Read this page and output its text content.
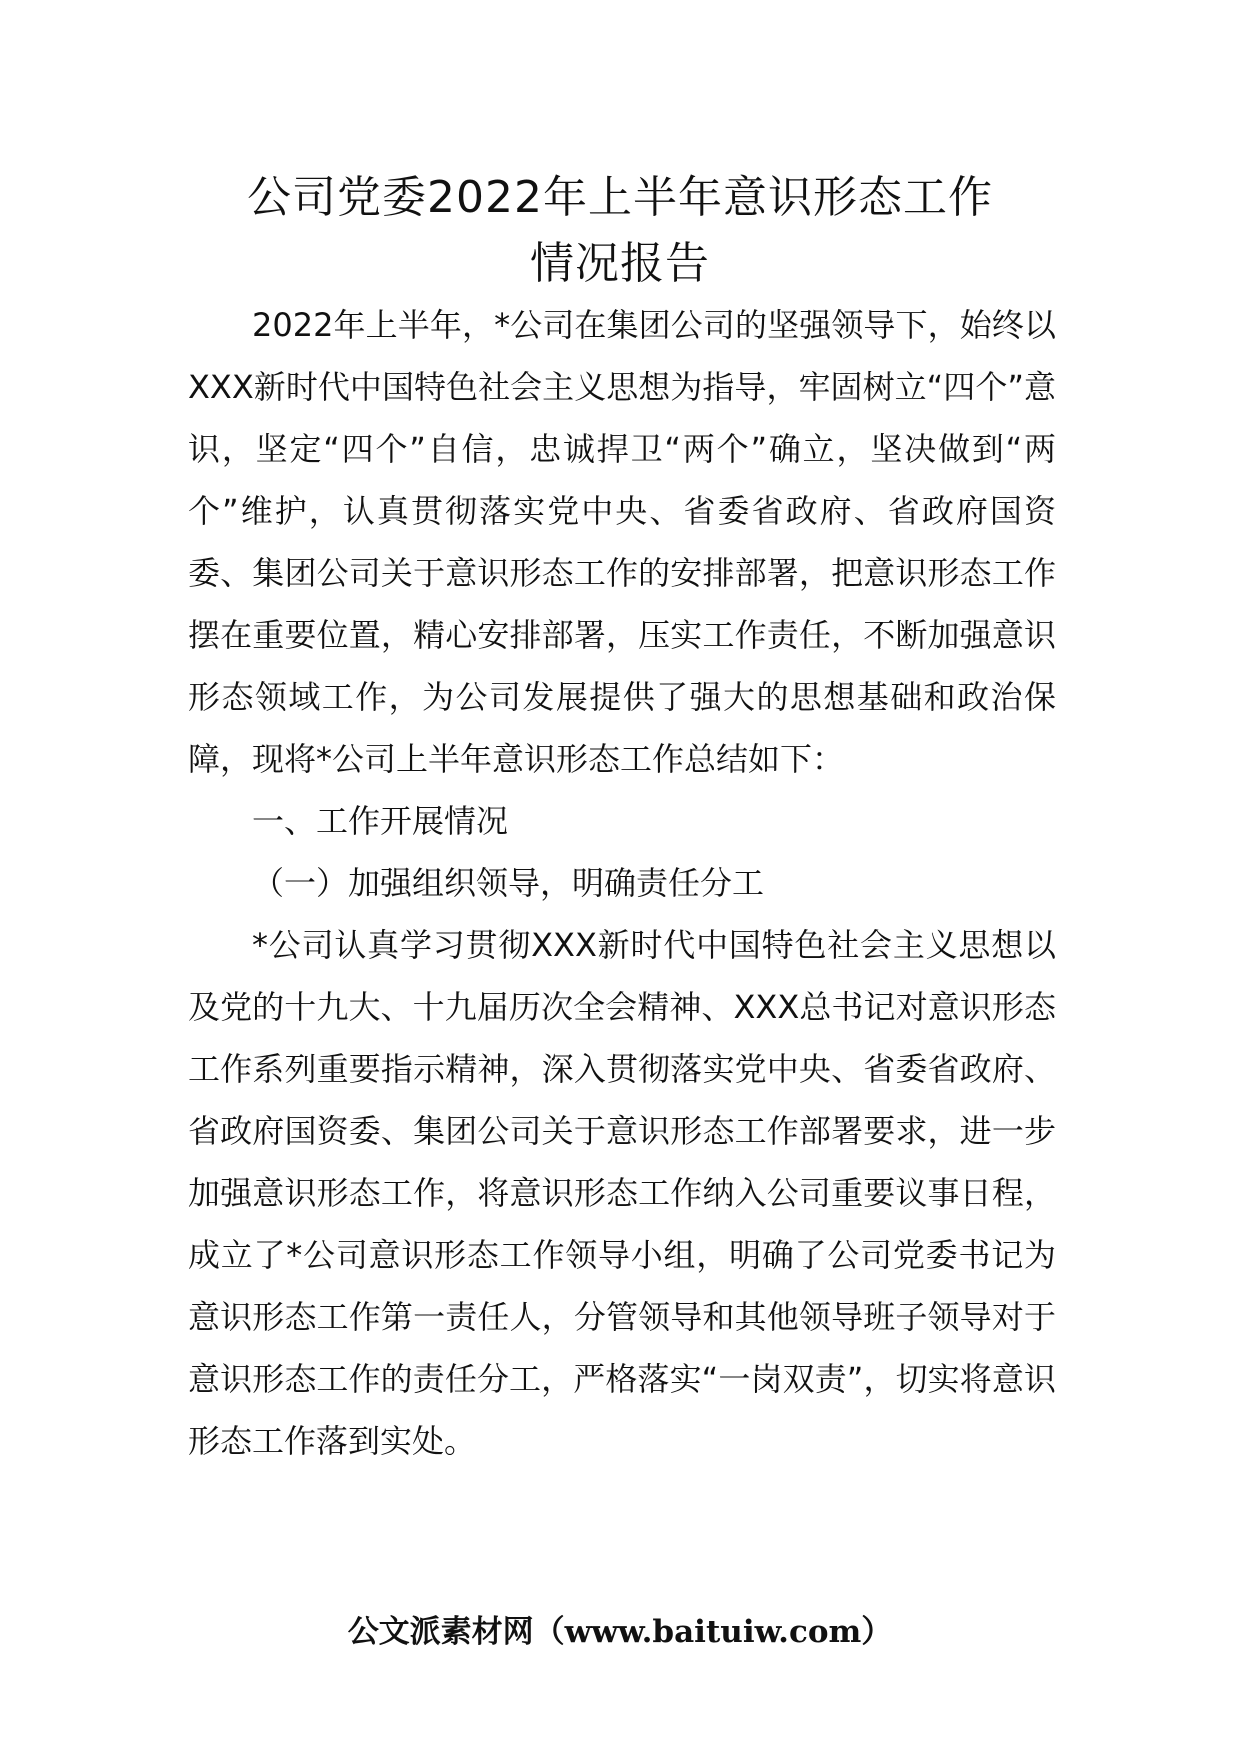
公司党委2022年上半年意识形态工作
情况报告

2022年上半年，*公司在集团公司的坚强领导下，始终以XXX新时代中国特色社会主义思想为指导，牢固树立“四个”意识，坚定“四个”自信，忠诚捍卫“两个”确立，坚决做到“两个”维护，认真贯彻落实党中央、省委省政府、省政府国资委、集团公司关于意识形态工作的安排部署，把意识形态工作摆在重要位置，精心安排部署，压实工作责任，不断加强意识形态领域工作，为公司发展提供了强大的思想基础和政治保障，现将*公司上半年意识形态工作总结如下：

一、工作开展情况

（一）加强组织领导，明确责任分工

*公司认真学习贯彻XXX新时代中国特色社会主义思想以及党的十九大、十九届历次全会精神、XXX总书记对意识形态工作系列重要指示精神，深入贯彻落实党中央、省委省政府、省政府国资委、集团公司关于意识形态工作部署要求，进一步加强意识形态工作，将意识形态工作纳入公司重要议事日程，成立了*公司意识形态工作领导小组，明确了公司党委书记为意识形态工作第一责任人，分管领导和其他领导班子领导对于意识形态工作的责任分工，严格落实“一岗双责”，切实将意识形态工作落到实处。

公文派素材网（www.baituiw.com）
